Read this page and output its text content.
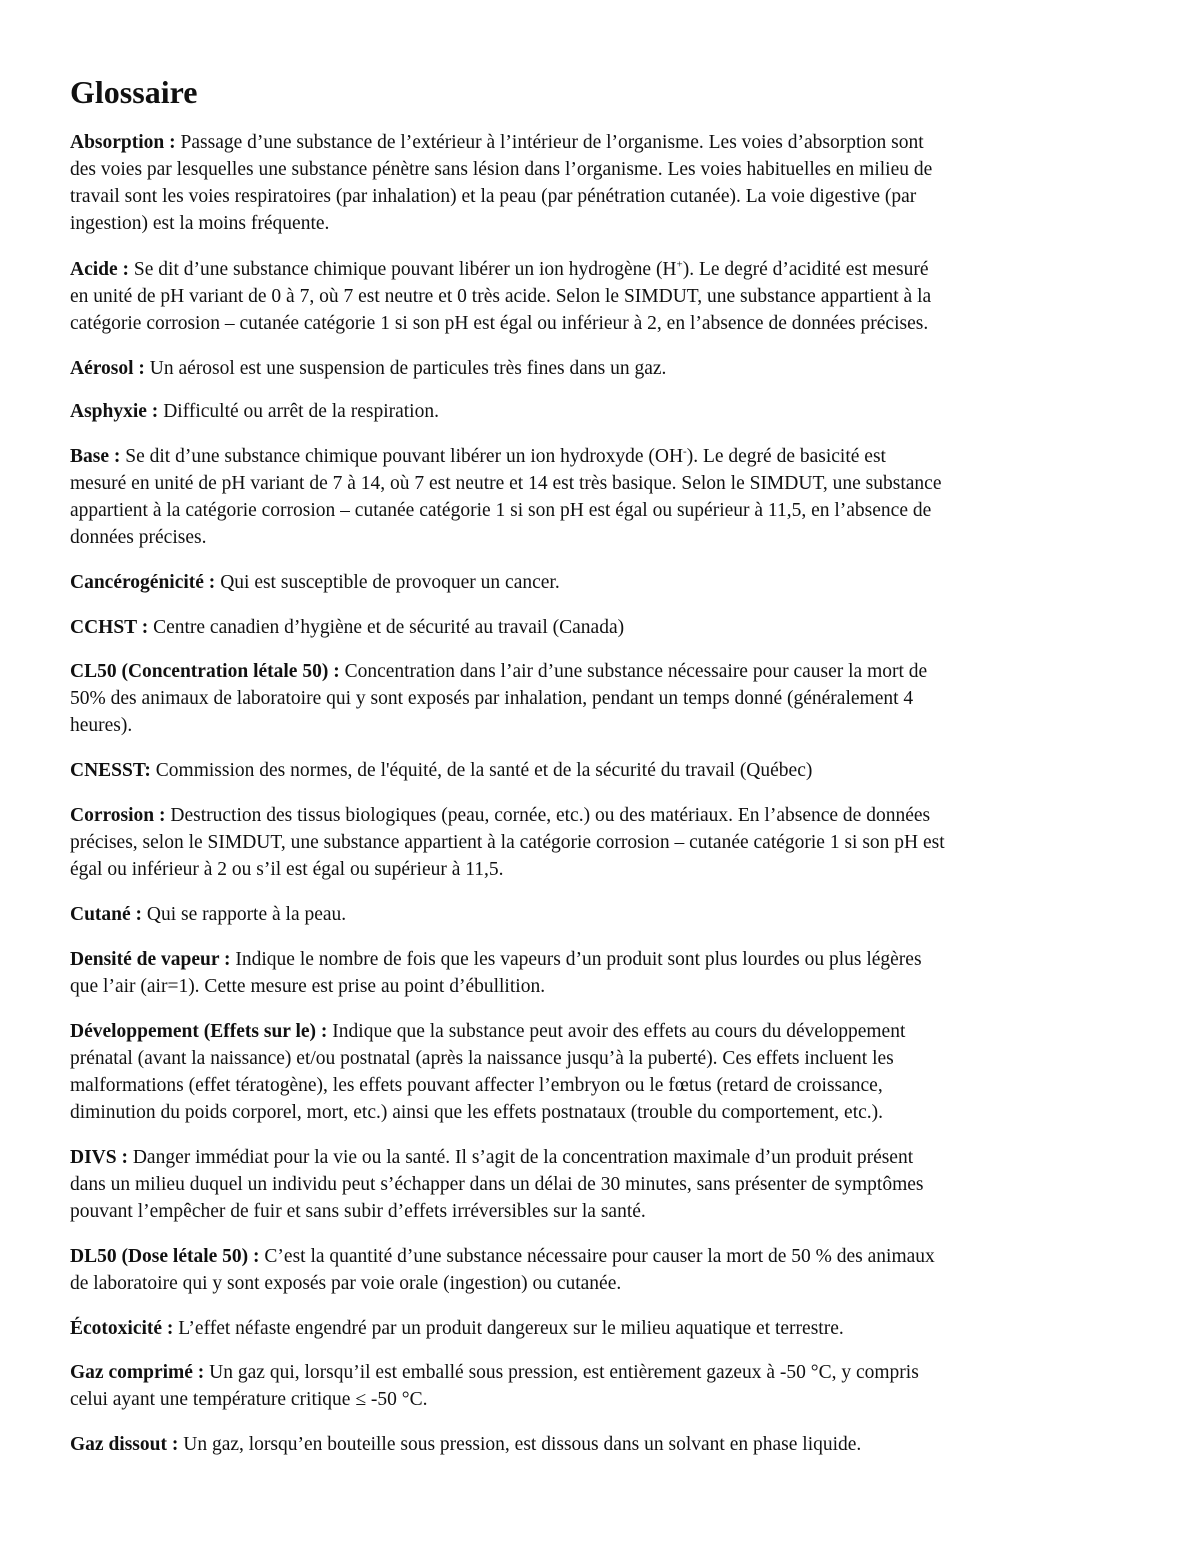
Glossaire
Absorption : Passage d’une substance de l’extérieur à l’intérieur de l’organisme. Les voies d’absorption sont
des voies par lesquelles une substance pénètre sans lésion dans l’organisme. Les voies habituelles en milieu de
travail sont les voies respiratoires (par inhalation) et la peau (par pénétration cutanée). La voie digestive (par
ingestion) est la moins fréquente.
Acide : Se dit d’une substance chimique pouvant libérer un ion hydrogène (H+). Le degré d’acidité est mesuré
en unité de pH variant de 0 à 7, où 7 est neutre et 0 très acide. Selon le SIMDUT, une substance appartient à la
catégorie corrosion – cutanée catégorie 1 si son pH est égal ou inférieur à 2, en l’absence de données précises.
Aérosol : Un aérosol est une suspension de particules très fines dans un gaz.
Asphyxie : Difficulté ou arrêt de la respiration.
Base : Se dit d’une substance chimique pouvant libérer un ion hydroxyde (OH-). Le degré de basicité est
mesuré en unité de pH variant de 7 à 14, où 7 est neutre et 14 est très basique. Selon le SIMDUT, une substance
appartient à la catégorie corrosion – cutanée catégorie 1 si son pH est égal ou supérieur à 11,5, en l’absence de
données précises.
Cancérogénicité : Qui est susceptible de provoquer un cancer.
CCHST : Centre canadien d’hygiène et de sécurité au travail (Canada)
CL50 (Concentration létale 50) : Concentration dans l’air d’une substance nécessaire pour causer la mort de
50% des animaux de laboratoire qui y sont exposés par inhalation, pendant un temps donné (généralement 4
heures).
CNESST: Commission des normes, de l'équité, de la santé et de la sécurité du travail (Québec)
Corrosion : Destruction des tissus biologiques (peau, cornée, etc.) ou des matériaux. En l’absence de données
précises, selon le SIMDUT, une substance appartient à la catégorie corrosion – cutanée catégorie 1 si son pH est
égal ou inférieur à 2 ou s’il est égal ou supérieur à 11,5.
Cutané : Qui se rapporte à la peau.
Densité de vapeur : Indique le nombre de fois que les vapeurs d’un produit sont plus lourdes ou plus légères
que l’air (air=1). Cette mesure est prise au point d’ébullition.
Développement (Effets sur le) : Indique que la substance peut avoir des effets au cours du développement
prénatal (avant la naissance) et/ou postnatal (après la naissance jusqu’à la puberté). Ces effets incluent les
malformations (effet tératogène), les effets pouvant affecter l’embryon ou le fœtus (retard de croissance,
diminution du poids corporel, mort, etc.) ainsi que les effets postnataux (trouble du comportement, etc.).
DIVS : Danger immédiat pour la vie ou la santé. Il s’agit de la concentration maximale d’un produit présent
dans un milieu duquel un individu peut s’échapper dans un délai de 30 minutes, sans présenter de symptômes
pouvant l’empêcher de fuir et sans subir d’effets irréversibles sur la santé.
DL50 (Dose létale 50) : C’est la quantité d’une substance nécessaire pour causer la mort de 50 % des animaux
de laboratoire qui y sont exposés par voie orale (ingestion) ou cutanée.
Écotoxicité : L’effet néfaste engendré par un produit dangereux sur le milieu aquatique et terrestre.
Gaz comprimé : Un gaz qui, lorsqu’il est emballé sous pression, est entièrement gazeux à -50 °C, y compris
celui ayant une température critique ≤ -50 °C.
Gaz dissout : Un gaz, lorsqu’en bouteille sous pression, est dissous dans un solvant en phase liquide.
